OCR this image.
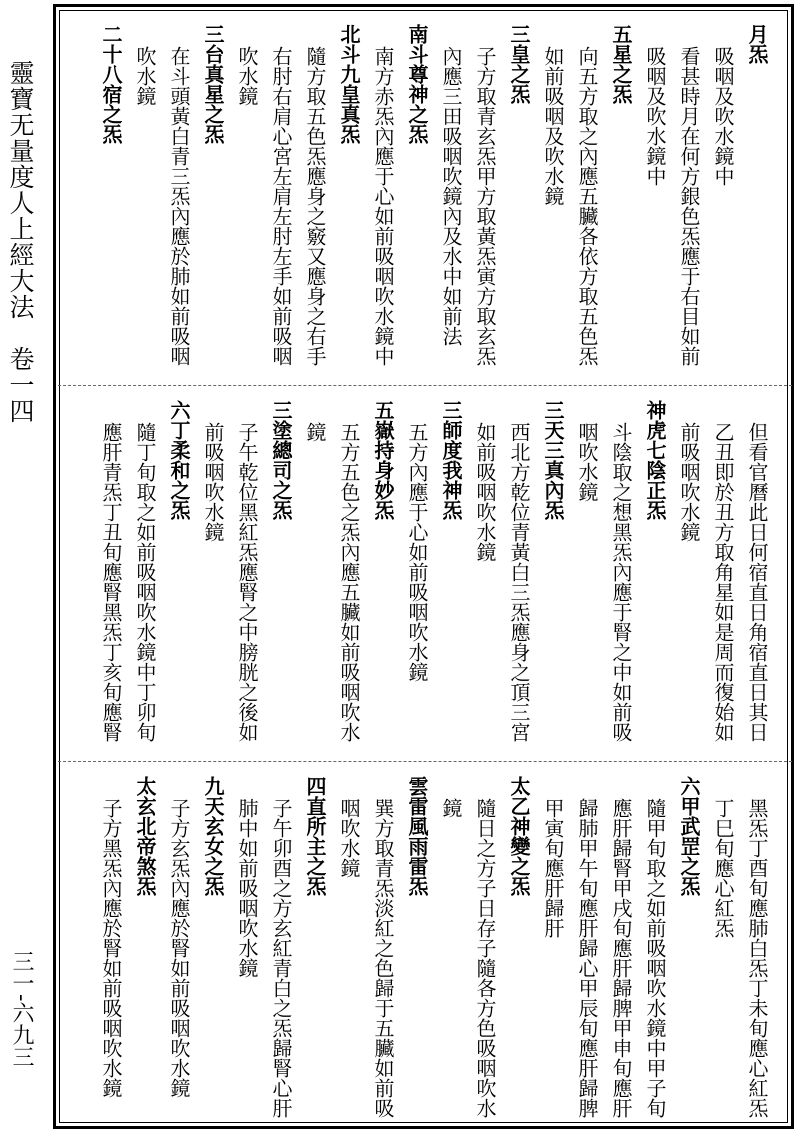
靈寶无量度人上經大法　卷一四
三一-六九三
月炁
吸咽及吹水鏡中
看甚時月在何方銀色炁應于右目如前
吸咽及吹水鏡中
五星之炁
向五方取之內應五臟各依方取五色炁
如前吸咽及吹水鏡
三皇之炁
子方取青玄炁甲方取黃炁寅方取玄炁
內應三田吸咽吹鏡內及水中如前法
南斗尊神之炁
南方赤炁內應于心如前吸咽吹水鏡中
北斗九皇真炁
隨方取五色炁應身之竅又應身之右手
右肘右肩心宮左肩左肘左手如前吸咽
吹水鏡
三台真星之炁
在斗頭黃白青三炁內應於肺如前吸咽
吹水鏡
二十八宿之炁
但看官曆此日何宿直日角宿直日其日
乙丑即於丑方取角星如是周而復始如
前吸咽吹水鏡
神虎七陰正炁
斗陰取之想黑炁內應于腎之中如前吸
咽吹水鏡
三天三真內炁
西北方乾位青黃白三炁應身之頂三宮
如前吸咽吹水鏡
三師度我神炁
五方內應于心如前吸咽吹水鏡
五嶽持身妙炁
五方五色之炁內應五臟如前吸咽吹水
鏡
三塗總司之炁
子午乾位黑紅炁應腎之中膀胱之後如
前吸咽吹水鏡
六丁柔和之炁
隨丁旬取之如前吸咽吹水鏡中丁卯旬
應肝青炁丁丑旬應腎黑炁丁亥旬應腎
黑炁丁酉旬應肺白炁丁未旬應心紅炁
丁巳旬應心紅炁
六甲武罡之炁
隨甲旬取之如前吸咽吹水鏡中甲子旬
應肝歸腎甲戌旬應肝歸脾甲申旬應肝
歸肺甲午旬應肝歸心甲辰旬應肝歸脾
甲寅旬應肝歸肝
太乙神變之炁
隨日之方子日存子隨各方色吸咽吹水
鏡
雲雷風雨雷炁
巽方取青炁淡紅之色歸于五臟如前吸
咽吹水鏡
四直所主之炁
子午卯酉之方玄紅青白之炁歸腎心肝
肺中如前吸咽吹水鏡
九天玄女之炁
子方玄炁內應於腎如前吸咽吹水鏡
太玄北帝煞炁
子方黑炁內應於腎如前吸咽吹水鏡
